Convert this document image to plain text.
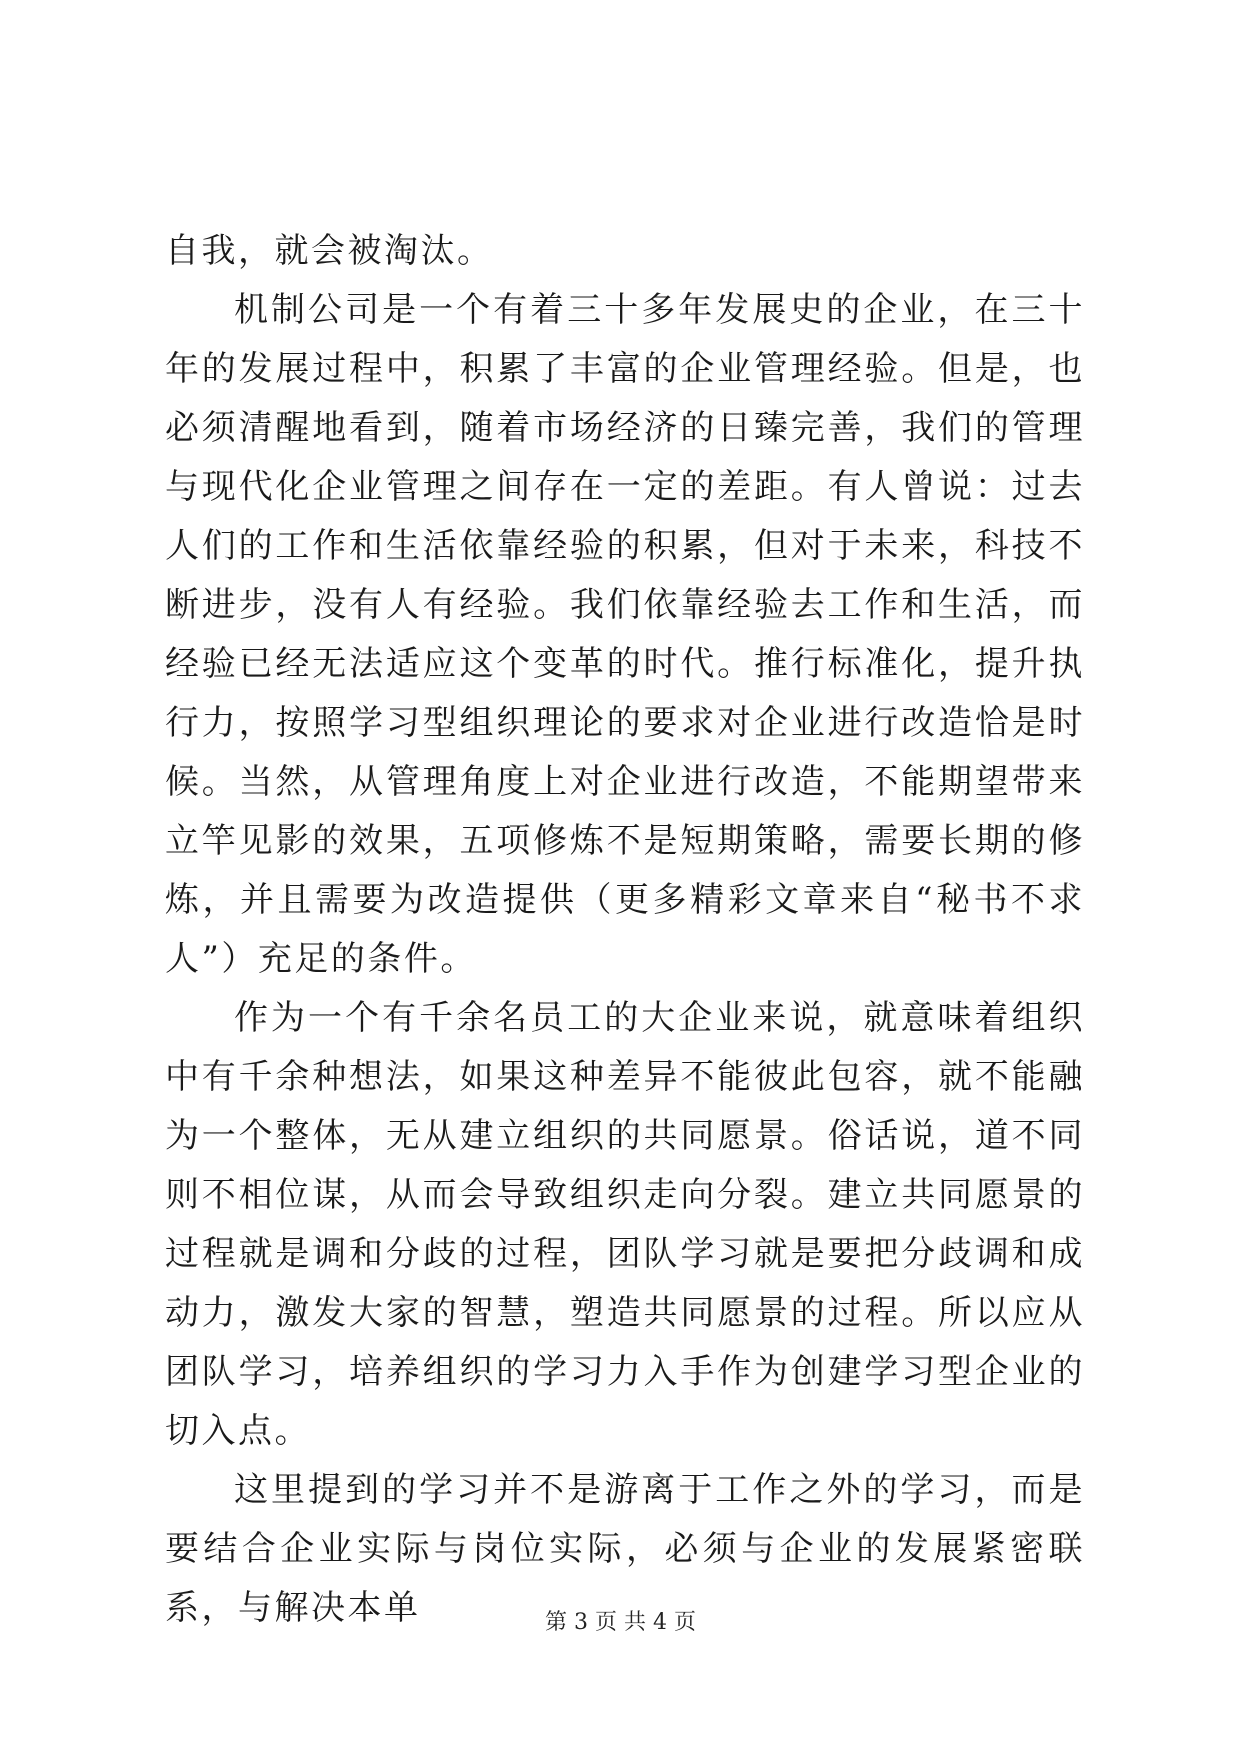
自我，就会被淘汰。

机制公司是一个有着三十多年发展史的企业，在三十年的发展过程中，积累了丰富的企业管理经验。但是，也必须清醒地看到，随着市场经济的日臻完善，我们的管理与现代化企业管理之间存在一定的差距。有人曾说：过去人们的工作和生活依靠经验的积累，但对于未来，科技不断进步，没有人有经验。我们依靠经验去工作和生活，而经验已经无法适应这个变革的时代。推行标准化，提升执行力，按照学习型组织理论的要求对企业进行改造恰是时候。当然，从管理角度上对企业进行改造，不能期望带来立竿见影的效果，五项修炼不是短期策略，需要长期的修炼，并且需要为改造提供（更多精彩文章来自“秘书不求人”）充足的条件。

作为一个有千余名员工的大企业来说，就意味着组织中有千余种想法，如果这种差异不能彼此包容，就不能融为一个整体，无从建立组织的共同愿景。俗话说，道不同则不相位谋，从而会导致组织走向分裂。建立共同愿景的过程就是调和分歧的过程，团队学习就是要把分歧调和成动力，激发大家的智慧，塑造共同愿景的过程。所以应从团队学习，培养组织的学习力入手作为创建学习型企业的切入点。

这里提到的学习并不是游离于工作之外的学习，而是要结合企业实际与岗位实际，必须与企业的发展紧密联系，与解决本单	第 3 页 共 4 页
